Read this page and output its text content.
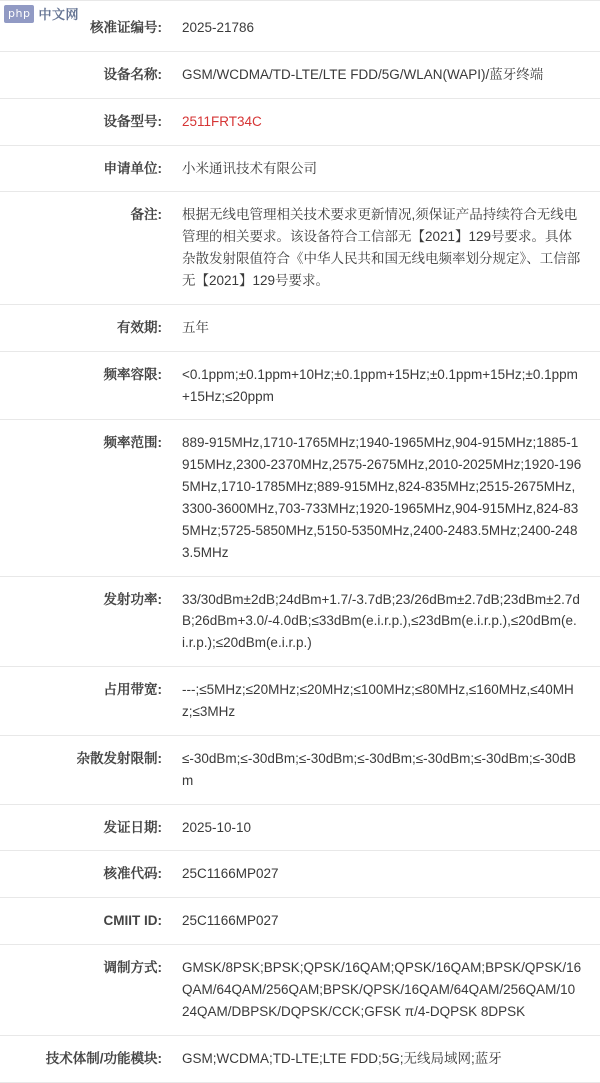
php 中文网
核准证编号:	2025-21786
设备名称:	GSM/WCDMA/TD-LTE/LTE FDD/5G/WLAN(WAPI)/蓝牙终端
设备型号:	2511FRT34C
申请单位:	小米通讯技术有限公司
备注:	根据无线电管理相关技术要求更新情况,须保证产品持续符合无线电管理的相关要求。该设备符合工信部无【2021】129号要求。具体杂散发射限值符合《中华人民共和国无线电频率划分规定》、工信部无【2021】129号要求。
有效期:	五年
频率容限:	<0.1ppm;±0.1ppm+10Hz;±0.1ppm+15Hz;±0.1ppm+15Hz;±0.1ppm+15Hz;≤20ppm
频率范围:	889-915MHz,1710-1765MHz;1940-1965MHz,904-915MHz;1885-1915MHz,2300-2370MHz,2575-2675MHz,2010-2025MHz;1920-1965MHz,1710-1785MHz;889-915MHz,824-835MHz;2515-2675MHz,3300-3600MHz,703-733MHz;1920-1965MHz,904-915MHz,824-835MHz;5725-5850MHz,5150-5350MHz,2400-2483.5MHz;2400-2483.5MHz
发射功率:	33/30dBm±2dB;24dBm+1.7/-3.7dB;23/26dBm±2.7dB;23dBm±2.7dB;26dBm+3.0/-4.0dB;≤33dBm(e.i.r.p.),≤23dBm(e.i.r.p.),≤20dBm(e.i.r.p.);≤20dBm(e.i.r.p.)
占用带宽:	---;≤5MHz;≤20MHz;≤20MHz;≤100MHz;≤80MHz,≤160MHz,≤40MHz;≤3MHz
杂散发射限制:	≤-30dBm;≤-30dBm;≤-30dBm;≤-30dBm;≤-30dBm;≤-30dBm;≤-30dBm
发证日期:	2025-10-10
核准代码:	25C1166MP027
CMIIT ID:	25C1166MP027
调制方式:	GMSK/8PSK;BPSK;QPSK/16QAM;QPSK/16QAM;BPSK/QPSK/16QAM/64QAM/256QAM;BPSK/QPSK/16QAM/64QAM/256QAM/1024QAM/DBPSK/DQPSK/CCK;GFSK π/4-DQPSK 8DPSK
技术体制/功能模块:	GSM;WCDMA;TD-LTE;LTE FDD;5G;无线局域网;蓝牙
